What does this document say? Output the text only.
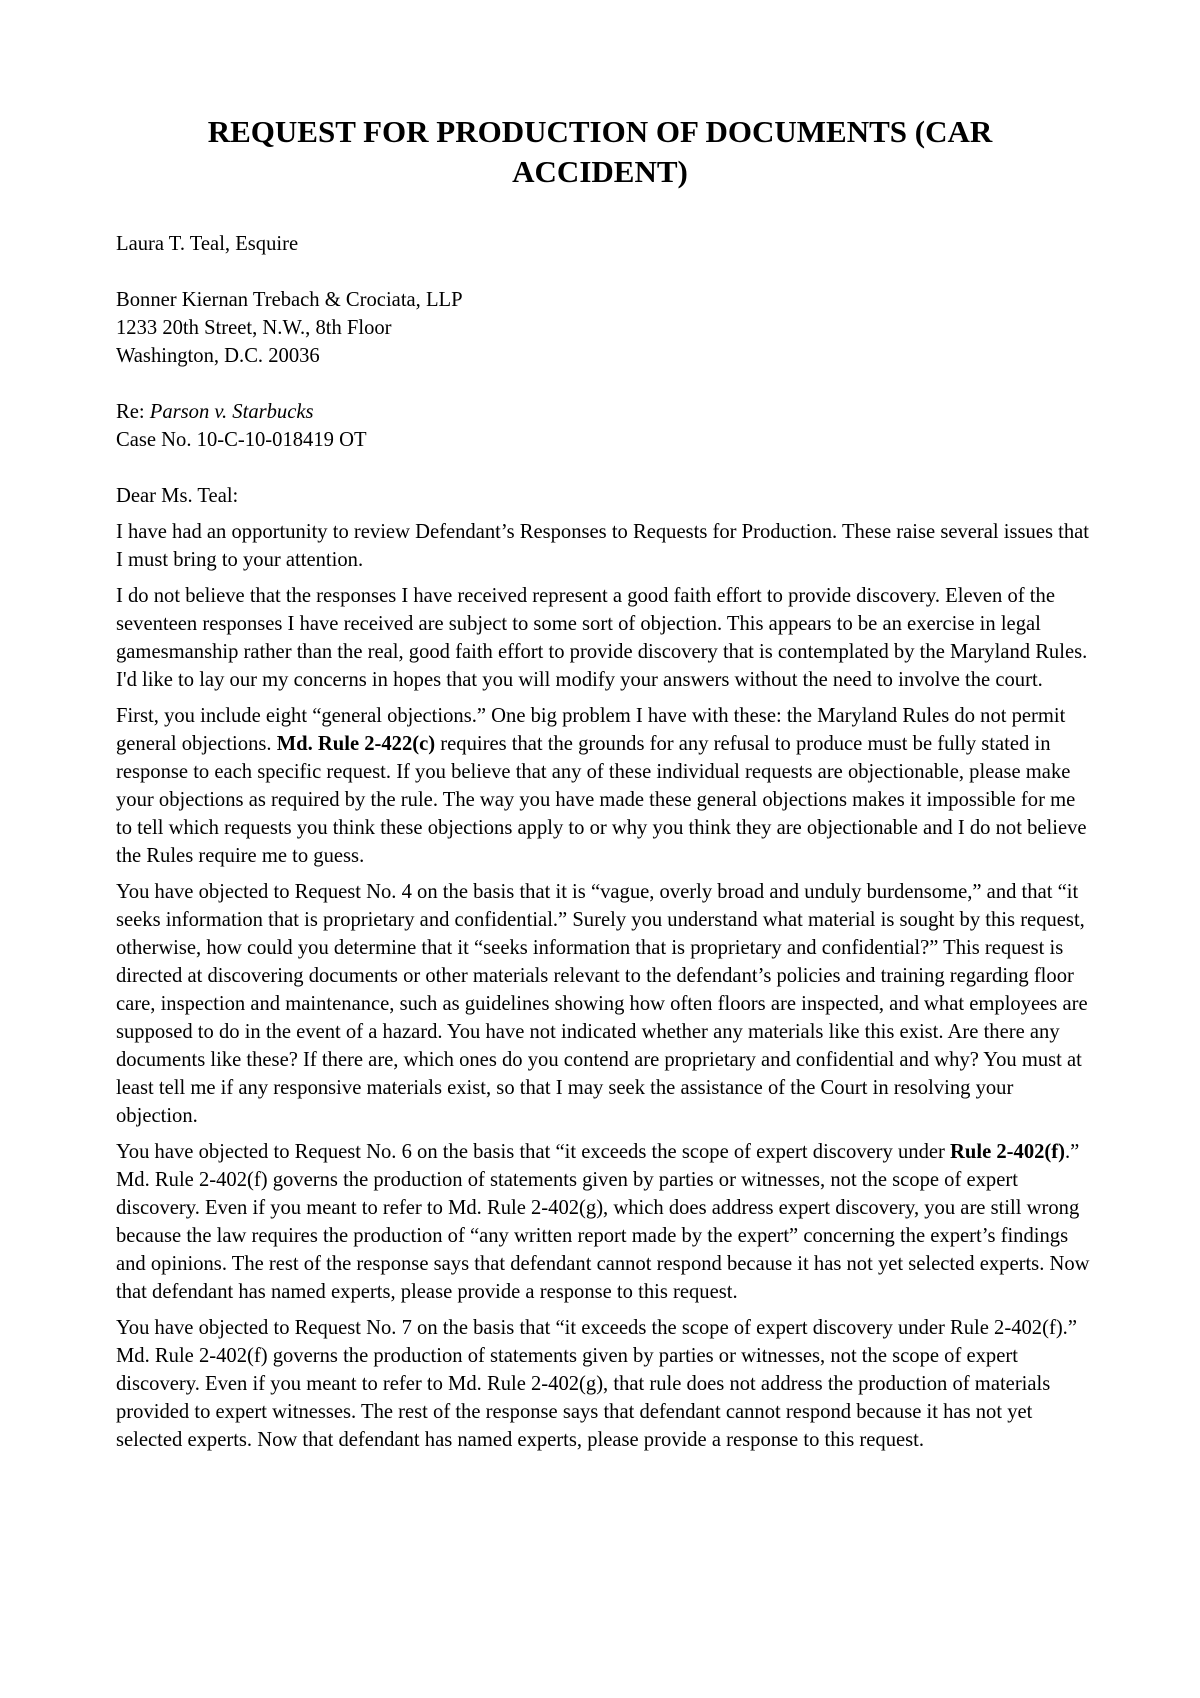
REQUEST FOR PRODUCTION OF DOCUMENTS (CAR ACCIDENT)
Laura T. Teal, Esquire
Bonner Kiernan Trebach & Crociata, LLP
1233 20th Street, N.W., 8th Floor
Washington, D.C. 20036
Re: Parson v. Starbucks
Case No. 10-C-10-018419 OT
Dear Ms. Teal:

I have had an opportunity to review Defendant’s Responses to Requests for Production. These raise several issues that I must bring to your attention.

I do not believe that the responses I have received represent a good faith effort to provide discovery. Eleven of the seventeen responses I have received are subject to some sort of objection. This appears to be an exercise in legal gamesmanship rather than the real, good faith effort to provide discovery that is contemplated by the Maryland Rules. I'd like to lay our my concerns in hopes that you will modify your answers without the need to involve the court.

First, you include eight “general objections.” One big problem I have with these: the Maryland Rules do not permit general objections. Md. Rule 2-422(c) requires that the grounds for any refusal to produce must be fully stated in response to each specific request. If you believe that any of these individual requests are objectionable, please make your objections as required by the rule. The way you have made these general objections makes it impossible for me to tell which requests you think these objections apply to or why you think they are objectionable and I do not believe the Rules require me to guess.

You have objected to Request No. 4 on the basis that it is “vague, overly broad and unduly burdensome,” and that “it seeks information that is proprietary and confidential.” Surely you understand what material is sought by this request, otherwise, how could you determine that it “seeks information that is proprietary and confidential?” This request is directed at discovering documents or other materials relevant to the defendant’s policies and training regarding floor care, inspection and maintenance, such as guidelines showing how often floors are inspected, and what employees are supposed to do in the event of a hazard. You have not indicated whether any materials like this exist. Are there any documents like these? If there are, which ones do you contend are proprietary and confidential and why? You must at least tell me if any responsive materials exist, so that I may seek the assistance of the Court in resolving your objection.

You have objected to Request No. 6 on the basis that “it exceeds the scope of expert discovery under Rule 2-402(f).” Md. Rule 2-402(f) governs the production of statements given by parties or witnesses, not the scope of expert discovery. Even if you meant to refer to Md. Rule 2-402(g), which does address expert discovery, you are still wrong because the law requires the production of “any written report made by the expert” concerning the expert’s findings and opinions. The rest of the response says that defendant cannot respond because it has not yet selected experts. Now that defendant has named experts, please provide a response to this request.

You have objected to Request No. 7 on the basis that “it exceeds the scope of expert discovery under Rule 2-402(f).” Md. Rule 2-402(f) governs the production of statements given by parties or witnesses, not the scope of expert discovery. Even if you meant to refer to Md. Rule 2-402(g), that rule does not address the production of materials provided to expert witnesses. The rest of the response says that defendant cannot respond because it has not yet selected experts. Now that defendant has named experts, please provide a response to this request.
